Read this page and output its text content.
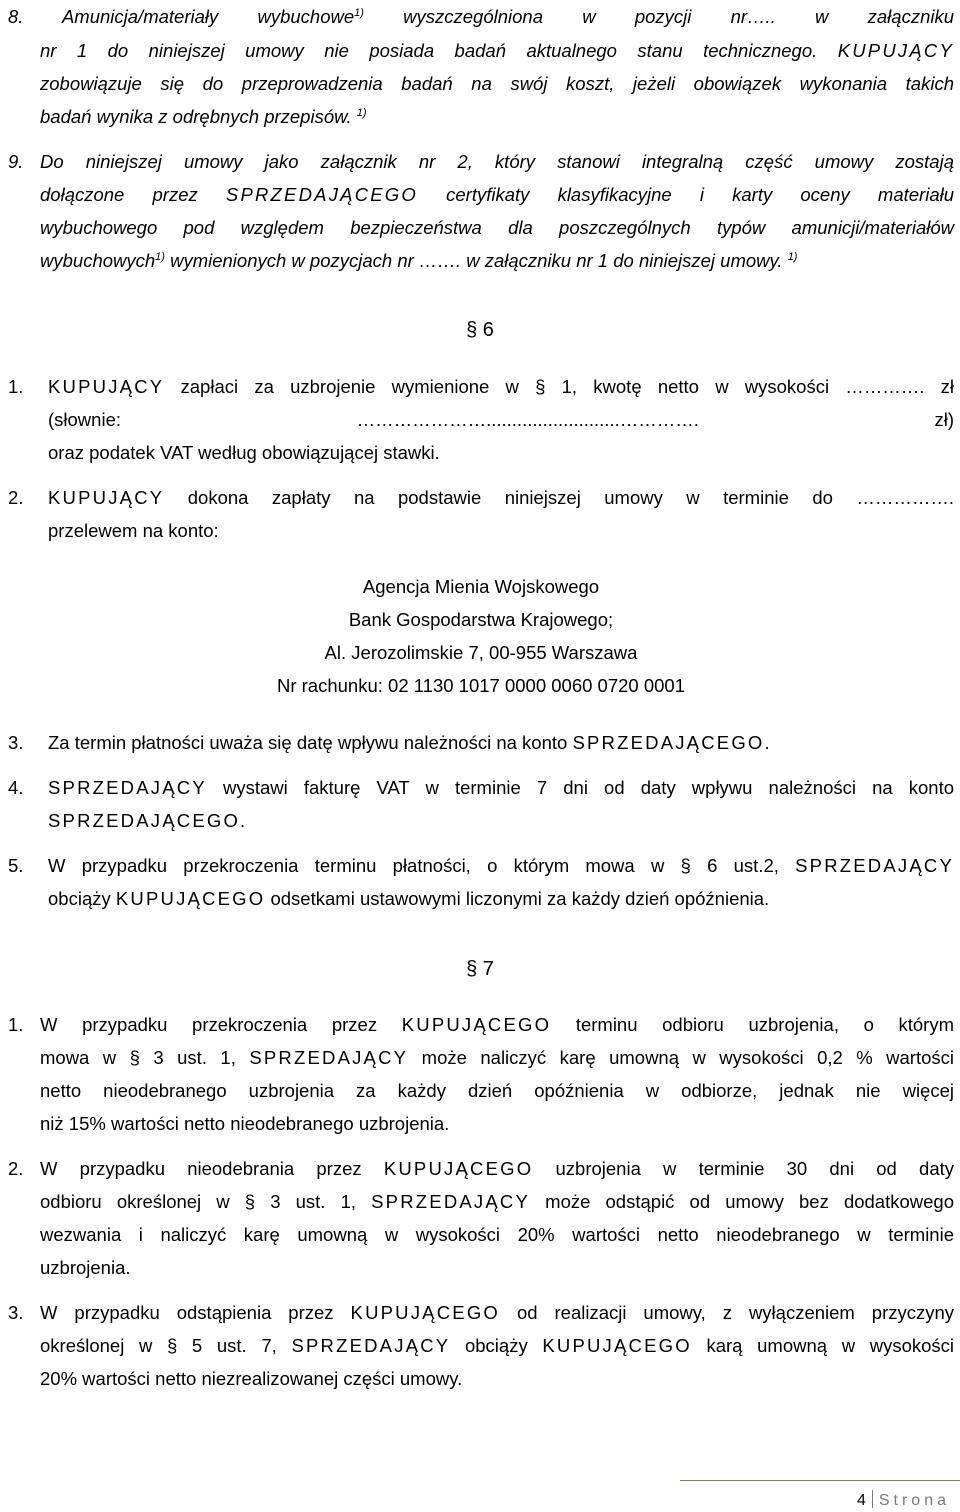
8. Amunicja/materiały wybuchowe$^{1)}$ wyszczególniona w pozycji nr….. w załączniku
nr 1 do niniejszej umowy nie posiada badań aktualnego stanu technicznego. KUPUJĄCY
zobowiązuje się do przeprowadzenia badań na swój koszt, jeżeli obowiązek wykonania takich
badań wynika z odrębnych przepisów. $^{1)}$
9. Do niniejszej umowy jako załącznik nr 2, który stanowi integralną część umowy zostają
dołączone przez SPRZEDAJĄCEGO certyfikaty klasyfikacyjne i karty oceny materiału
wybuchowego pod względem bezpieczeństwa dla poszczególnych typów amunicji/materiałów
wybuchowych$^{1)}$ wymienionych w pozycjach nr ……. w załączniku nr 1 do niniejszej umowy. $^{1)}$
§ 6
1. KUPUJĄCY zapłaci za uzbrojenie wymienione w § 1, kwotę netto w wysokości …………. zł
(słownie: …………………..........................………….	zł)
oraz podatek VAT według obowiązującej stawki.
2. KUPUJĄCY dokona zapłaty na podstawie niniejszej umowy w terminie do …………….
przelewem na konto:
Agencja Mienia Wojskowego
Bank Gospodarstwa Krajowego;
Al. Jerozolimskie 7, 00-955 Warszawa
Nr rachunku: 02 1130 1017 0000 0060 0720 0001
3. Za termin płatności uważa się datę wpływu należności na konto SPRZEDAJĄCEGO.
4. SPRZEDAJĄCY wystawi fakturę VAT w terminie 7 dni od daty wpływu należności na konto
SPRZEDAJĄCEGO.
5. W przypadku przekroczenia terminu płatności, o którym mowa w § 6 ust.2, SPRZEDAJĄCY
obciąży KUPUJĄCEGO odsetkami ustawowymi liczonymi za każdy dzień opóźnienia.
§ 7
1. W przypadku przekroczenia przez KUPUJĄCEGO terminu odbioru uzbrojenia, o którym
mowa w § 3 ust. 1, SPRZEDAJĄCY może naliczyć karę umowną w wysokości 0,2 % wartości
netto nieodebranego uzbrojenia za każdy dzień opóźnienia w odbiorze, jednak nie więcej
niż 15% wartości netto nieodebranego uzbrojenia.
2. W przypadku nieodebrania przez KUPUJĄCEGO uzbrojenia w terminie 30 dni od daty
odbioru określonej w § 3 ust. 1, SPRZEDAJĄCY może odstąpić od umowy bez dodatkowego
wezwania i naliczyć karę umowną w wysokości 20% wartości netto nieodebranego w terminie
uzbrojenia.
3. W przypadku odstąpienia przez KUPUJĄCEGO od realizacji umowy, z wyłączeniem przyczyny
określonej w § 5 ust. 7, SPRZEDAJĄCY obciąży KUPUJĄCEGO karą umowną w wysokości
20% wartości netto niezrealizowanej części umowy.
4 Strona
